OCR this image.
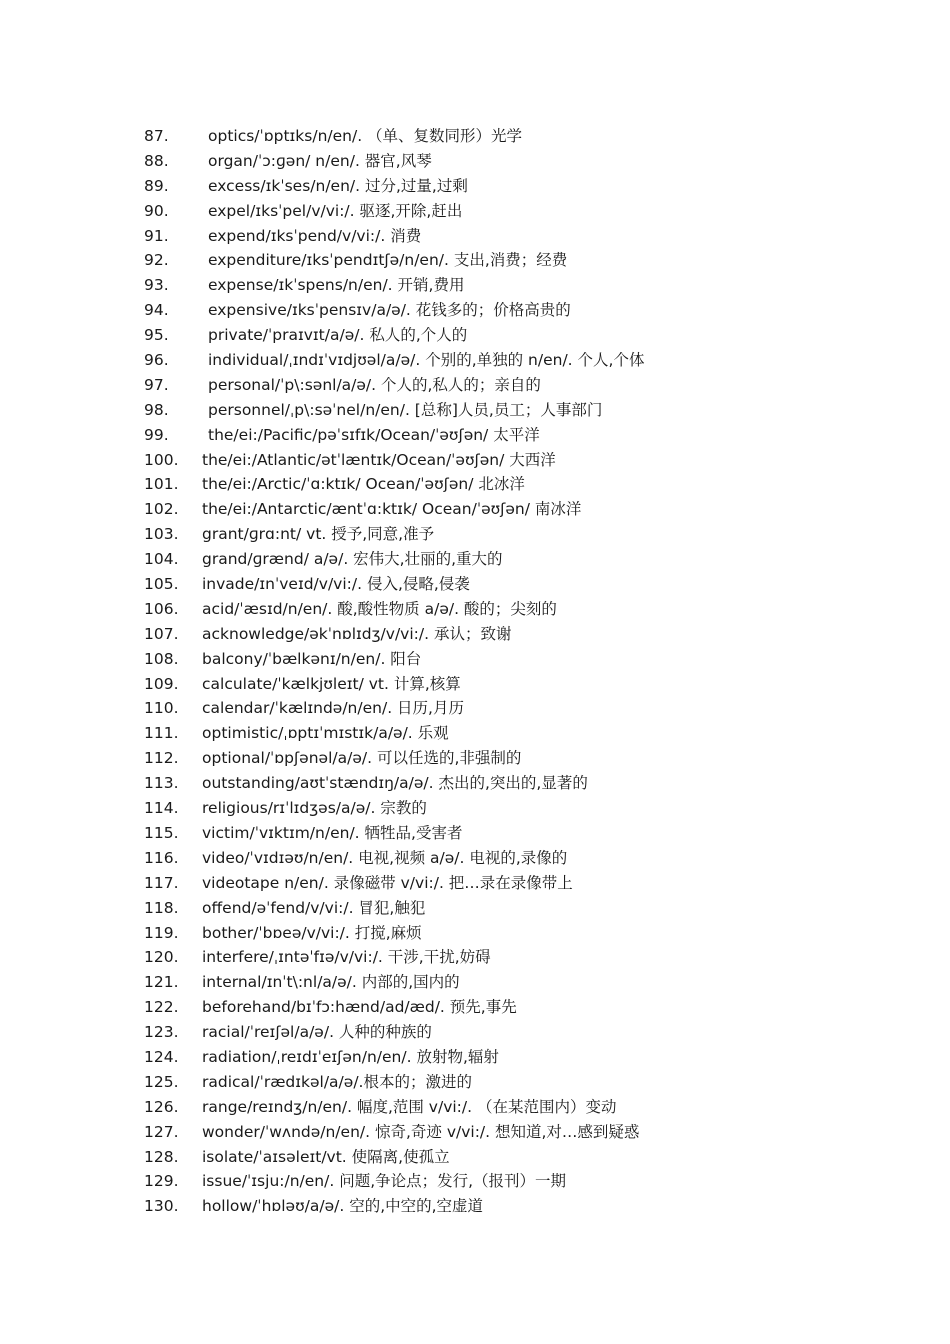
87.	optics/ˈɒptɪks/n/en/. （单、复数同形）光学
88.	organ/ˈɔ:ɡən/ n/en/. 器官,风琴
89.	excess/ɪkˈses/n/en/. 过分,过量,过剩
90.	expel/ɪksˈpel/v/vi:/. 驱逐,开除,赶出
91.	expend/ɪksˈpend/v/vi:/. 消费
92.	expenditure/ɪksˈpendɪtʃə/n/en/. 支出,消费；经费
93.	expense/ɪkˈspens/n/en/. 开销,费用
94.	expensive/ɪksˈpensɪv/a/ə/. 花钱多的；价格高贵的
95.	private/ˈpraɪvɪt/a/ə/. 私人的,个人的
96.	individual/ˌɪndɪˈvɪdjʊəl/a/ə/. 个别的,单独的 n/en/. 个人,个体
97.	personal/ˈp\:sənl/a/ə/. 个人的,私人的；亲自的
98.	personnel/ˌp\:səˈnel/n/en/. [总称]人员,员工；人事部门
99.	the/ei:/Pacific/pəˈsɪfɪk/Ocean/ˈəʊʃən/ 太平洋
100.	the/ei:/Atlantic/ətˈlæntɪk/Ocean/ˈəʊʃən/ 大西洋
101.	the/ei:/Arctic/ˈɑ:ktɪk/ Ocean/ˈəʊʃən/ 北冰洋
102.	the/ei:/Antarctic/æntˈɑ:ktɪk/ Ocean/ˈəʊʃən/ 南冰洋
103.	grant/ɡrɑ:nt/ vt. 授予,同意,准予
104.	grand/ɡrænd/ a/ə/. 宏伟大,壮丽的,重大的
105.	invade/ɪnˈveɪd/v/vi:/. 侵入,侵略,侵袭
106.	acid/ˈæsɪd/n/en/. 酸,酸性物质 a/ə/. 酸的；尖刻的
107.	acknowledge/əkˈnɒlɪdʒ/v/vi:/. 承认；致谢
108.	balcony/ˈbælkənɪ/n/en/. 阳台
109.	calculate/ˈkælkjʊleɪt/ vt. 计算,核算
110.	calendar/ˈkælɪndə/n/en/. 日历,月历
111.	optimistic/ˌɒptɪˈmɪstɪk/a/ə/. 乐观
112.	optional/ˈɒpʃənəl/a/ə/. 可以任选的,非强制的
113.	outstanding/aʊtˈstændɪŋ/a/ə/. 杰出的,突出的,显著的
114.	religious/rɪˈlɪdʒəs/a/ə/. 宗教的
115.	victim/ˈvɪktɪm/n/en/. 牺牲品,受害者
116.	video/ˈvɪdɪəʊ/n/en/. 电视,视频 a/ə/. 电视的,录像的
117.	videotape n/en/. 录像磁带 v/vi:/. 把…录在录像带上
118.	offend/əˈfend/v/vi:/. 冒犯,触犯
119.	bother/ˈbɒeə/v/vi:/. 打搅,麻烦
120.	interfere/ˌɪntəˈfɪə/v/vi:/. 干涉,干扰,妨碍
121.	internal/ɪnˈt\:nl/a/ə/. 内部的,国内的
122.	beforehand/bɪˈfɔ:hænd/ad/æd/. 预先,事先
123.	racial/ˈreɪʃəl/a/ə/. 人种的种族的
124.	radiation/ˌreɪdɪˈeɪʃən/n/en/. 放射物,辐射
125.	radical/ˈrædɪkəl/a/ə/.根本的；激进的
126.	range/reɪndʒ/n/en/. 幅度,范围 v/vi:/. （在某范围内）变动
127.	wonder/ˈwʌndə/n/en/. 惊奇,奇迹 v/vi:/. 想知道,对…感到疑惑
128.	isolate/ˈaɪsəleɪt/vt. 使隔离,使孤立
129.	issue/ˈɪsju:/n/en/. 问题,争论点；发行,（报刊）一期
130.	hollow/ˈhɒləʊ/a/ə/. 空的,中空的,空虚道
